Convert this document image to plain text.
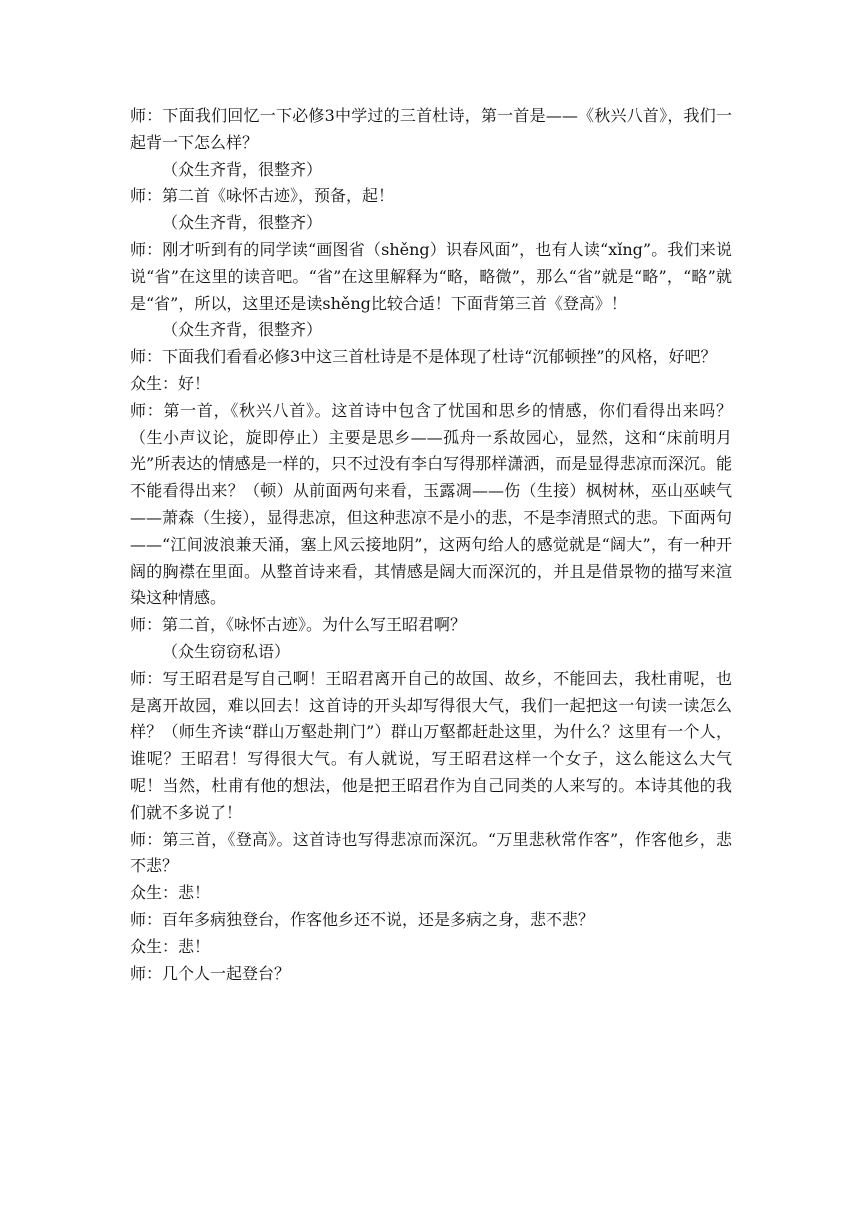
师：下面我们回忆一下必修3中学过的三首杜诗，第一首是——《秋兴八首》，我们一起背一下怎么样？

（众生齐背，很整齐）

师：第二首《咏怀古迹》，预备，起！

（众生齐背，很整齐）

师：刚才听到有的同学读“画图省（shěng）识春风面”，也有人读“xǐng”。我们来说说“省”在这里的读音吧。“省”在这里解释为“略，略微”，那么“省”就是“略”，“略”就是“省”，所以，这里还是读shěng比较合适！下面背第三首《登高》！

（众生齐背，很整齐）

师：下面我们看看必修3中这三首杜诗是不是体现了杜诗“沉郁顿挫”的风格，好吧？

众生：好！

师：第一首，《秋兴八首》。这首诗中包含了忧国和思乡的情感，你们看得出来吗？（生小声议论，旋即停止）主要是思乡——孤舟一系故园心，显然，这和“床前明月光”所表达的情感是一样的，只不过没有李白写得那样潇洒，而是显得悲凉而深沉。能不能看得出来？（顿）从前面两句来看，玉露凋——伤（生接）枫树林，巫山巫峡气——萧森（生接），显得悲凉，但这种悲凉不是小的悲，不是李清照式的悲。下面两句——“江间波浪兼天涌，塞上风云接地阴”，这两句给人的感觉就是“阔大”，有一种开阔的胸襟在里面。从整首诗来看，其情感是阔大而深沉的，并且是借景物的描写来渲染这种情感。

师：第二首，《咏怀古迹》。为什么写王昭君啊？

（众生窃窃私语）

师：写王昭君是写自己啊！王昭君离开自己的故国、故乡，不能回去，我杜甫呢，也是离开故园，难以回去！这首诗的开头却写得很大气，我们一起把这一句读一读怎么样？（师生齐读“群山万壑赴荆门”）群山万壑都赶赴这里，为什么？这里有一个人，谁呢？王昭君！写得很大气。有人就说，写王昭君这样一个女子，这么能这么大气呢！当然，杜甫有他的想法，他是把王昭君作为自己同类的人来写的。本诗其他的我们就不多说了！

师：第三首，《登高》。这首诗也写得悲凉而深沉。“万里悲秋常作客”，作客他乡，悲不悲？

众生：悲！

师：百年多病独登台，作客他乡还不说，还是多病之身，悲不悲？

众生：悲！

师：几个人一起登台？
